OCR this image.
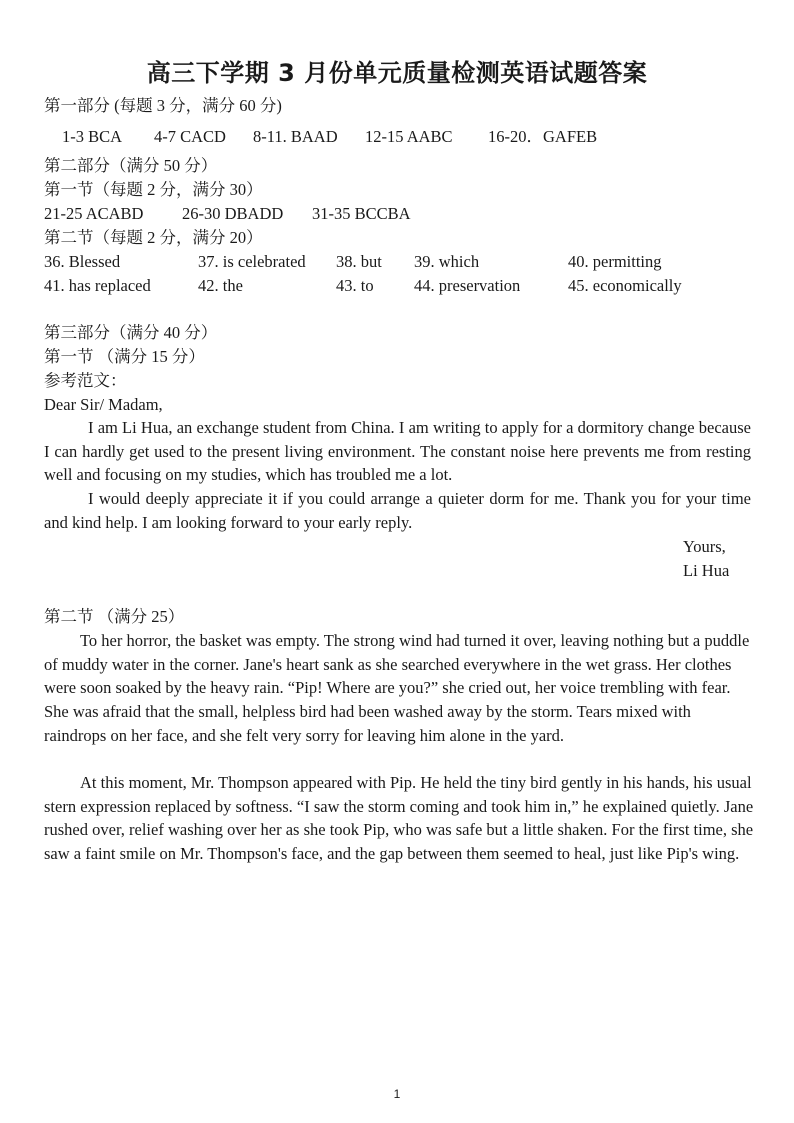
高三下学期 3 月份单元质量检测英语试题答案
第一部分 (每题 3 分，满分 60 分)
1-3 BCA 4-7 CACD 8-11. BAAD 12-15 AABC 16-20．GAFEB
第二部分（满分 50 分）
第一节（每题 2 分，满分 30）
21-25 ACABD 26-30 DBADD 31-35 BCCBA
第二节（每题 2 分，满分 20）
36. Blessed	37. is celebrated 38. but 39. which	40. permitting
41. has replaced	42. the	43. to 44. preservation	45. economically
第三部分（满分 40 分）
第一节 （满分 15 分）
参考范文：
Dear Sir/ Madam,

I am Li Hua, an exchange student from China. I am writing to apply for a dormitory change because I can hardly get used to the present living environment. The constant noise here prevents me from resting well and focusing on my studies, which has troubled me a lot.

I would deeply appreciate it if you could arrange a quieter dorm for me. Thank you for your time and kind help. I am looking forward to your early reply.

Yours,
Li Hua
第二节 （满分 25）

To her horror, the basket was empty. The strong wind had turned it over, leaving nothing but a puddle of muddy water in the corner. Jane's heart sank as she searched everywhere in the wet grass. Her clothes were soon soaked by the heavy rain. “Pip! Where are you?” she cried out, her voice trembling with fear. She was afraid that the small, helpless bird had been washed away by the storm. Tears mixed with raindrops on her face, and she felt very sorry for leaving him alone in the yard.

At this moment, Mr. Thompson appeared with Pip. He held the tiny bird gently in his hands, his usual stern expression replaced by softness. “I saw the storm coming and took him in,” he explained quietly. Jane rushed over, relief washing over her as she took Pip, who was safe but a little shaken. For the first time, she saw a faint smile on Mr. Thompson's face, and the gap between them seemed to heal, just like Pip's wing.

1
